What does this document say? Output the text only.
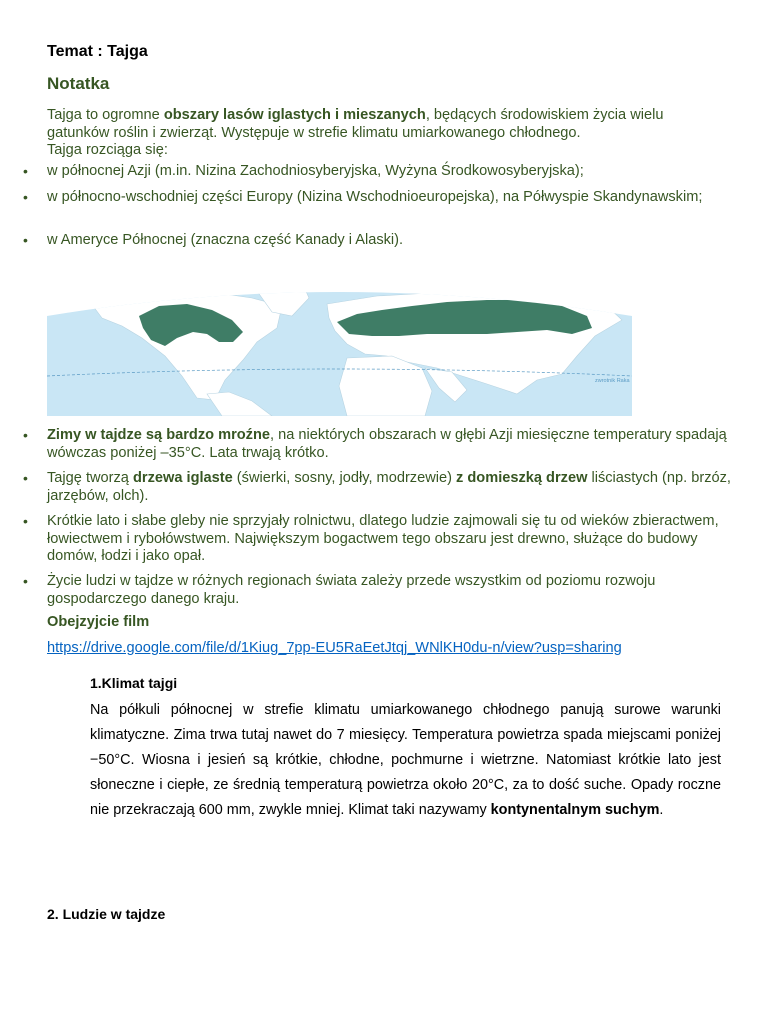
Temat : Tajga
Notatka
Tajga to ogromne obszary lasów iglastych i mieszanych, będących środowiskiem życia wielu gatunków roślin i zwierząt. Występuje w strefie klimatu umiarkowanego chłodnego.
Tajga rozciąga się:
• w północnej Azji (m.in. Nizina Zachodniosyberyjska, Wyżyna Środkowosyberyjska);
• w północno-wschodniej części Europy (Nizina Wschodnioeuropejska), na Półwyspie Skandynawskim;
• w Ameryce Północnej (znaczna część Kanady i Alaski).
zwrotnik Raka
• Zimy w tajdze są bardzo mroźne, na niektórych obszarach w głębi Azji miesięczne temperatury spadają wówczas poniżej –35°C. Lata trwają krótko.
• Tajgę tworzą drzewa iglaste (świerki, sosny, jodły, modrzewie) z domieszką drzew liściastych (np. brzóz, jarzębów, olch).
• Krótkie lato i słabe gleby nie sprzyjały rolnictwu, dlatego ludzie zajmowali się tu od wieków zbieractwem, łowiectwem i rybołówstwem. Największym bogactwem tego obszaru jest drewno, służące do budowy domów, łodzi i jako opał.
• Życie ludzi w tajdze w różnych regionach świata zależy przede wszystkim od poziomu rozwoju gospodarczego danego kraju.
Obejzyjcie film
https://drive.google.com/file/d/1Kiug_7pp-EU5RaEetJtqj_WNlKH0du-n/view?usp=sharing
1.Klimat tajgi
Na półkuli północnej w strefie klimatu umiarkowanego chłodnego panują surowe warunki klimatyczne. Zima trwa tutaj nawet do 7 miesięcy. Temperatura powietrza spada miejscami poniżej −50°C. Wiosna i jesień są krótkie, chłodne, pochmurne i wietrzne. Natomiast krótkie lato jest słoneczne i ciepłe, ze średnią temperaturą powietrza około 20°C, za to dość suche. Opady roczne nie przekraczają 600 mm, zwykle mniej. Klimat taki nazywamy kontynentalnym suchym.
2. Ludzie w tajdze
